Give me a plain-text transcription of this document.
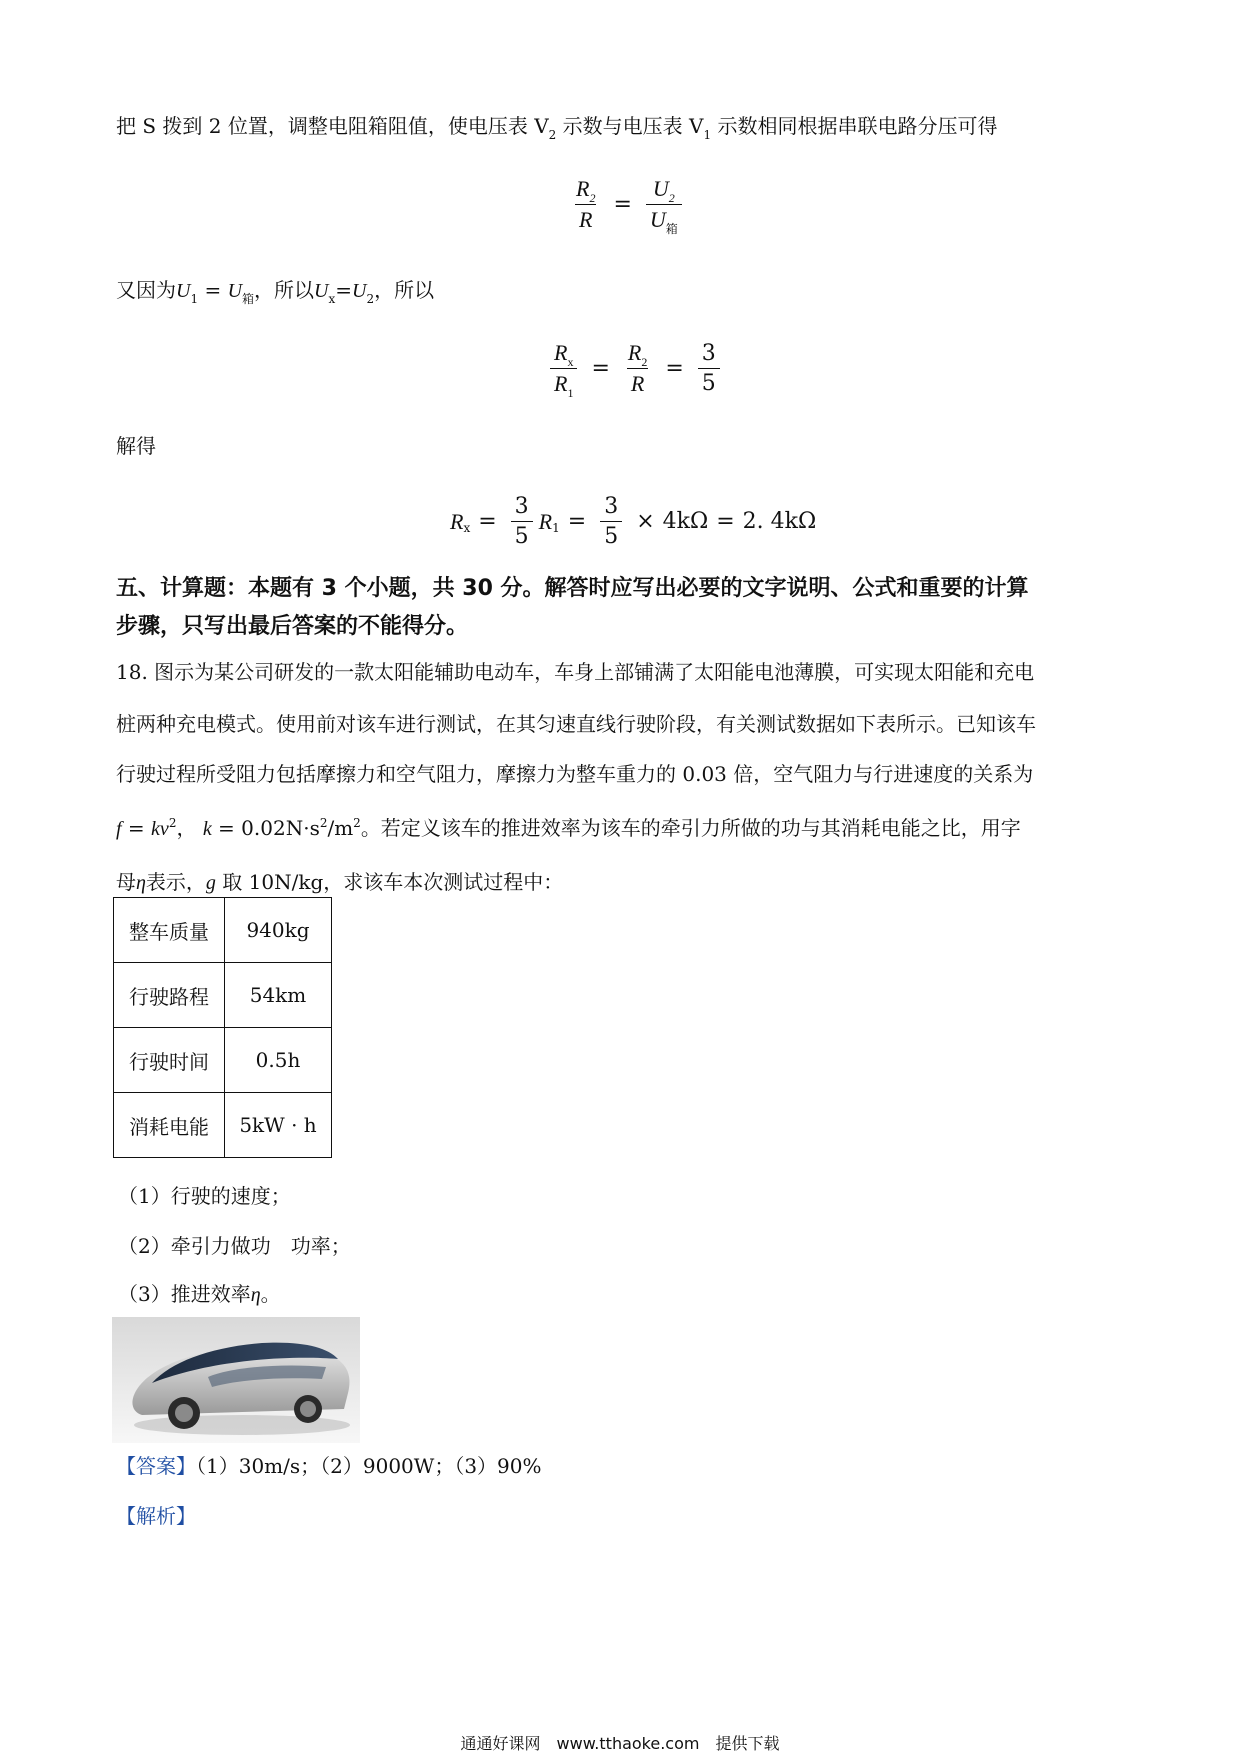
把 S 拨到 2 位置，调整电阻箱阻值，使电压表 $V_2$ 示数与电压表 $V_1$ 示数相同根据串联电路分压可得
$\frac{R_2}{R} = \frac{U_2}{U_箱}$
又因为$U_1 = U_箱$，所以$U_x=U_2$，所以
$\frac{R_x}{R_1} = \frac{R_2}{R} = \frac{3}{5}$
解得
R $x = \frac{3}{5}$ R $1 = \frac{3}{5} \times 4k\Omega = 2$. 4kΩ
五、计算题：本题有 3 个小题，共 30 分。解答时应写出必要的文字说明、公式和重要的计算
步骤，只写出最后答案的不能得分。
18. 图示为某公司研发的一款太阳能辅助电动车，车身上部铺满了太阳能电池薄膜，可实现太阳能和充电
桩两种充电模式。使用前对该车进行测试，在其匀速直线行驶阶段，有关测试数据如下表所示。已知该车
行驶过程所受阻力包括摩擦力和空气阻力，摩擦力为整车重力的 0.03 倍，空气阻力与行进速度的关系为
$f = kv^2$， $k = 0.02N\cdot s^2/m^2$。若定义该车的推进效率为该车的牵引力所做的功与其消耗电能之比，用字
母η表示，g 取 10N/kg，求该车本次测试过程中：
整车质量	940kg
行驶路程	54km
行驶时间	0.5h
消耗电能	5kW · h
（1）行驶的速度；
（2）牵引力做功　功率；
（3）推进效率η。
【答案】（1）30m/s；（2）9000W；（3）90%
【解析】
通通好课网　www.tthaoke.com　提供下载
